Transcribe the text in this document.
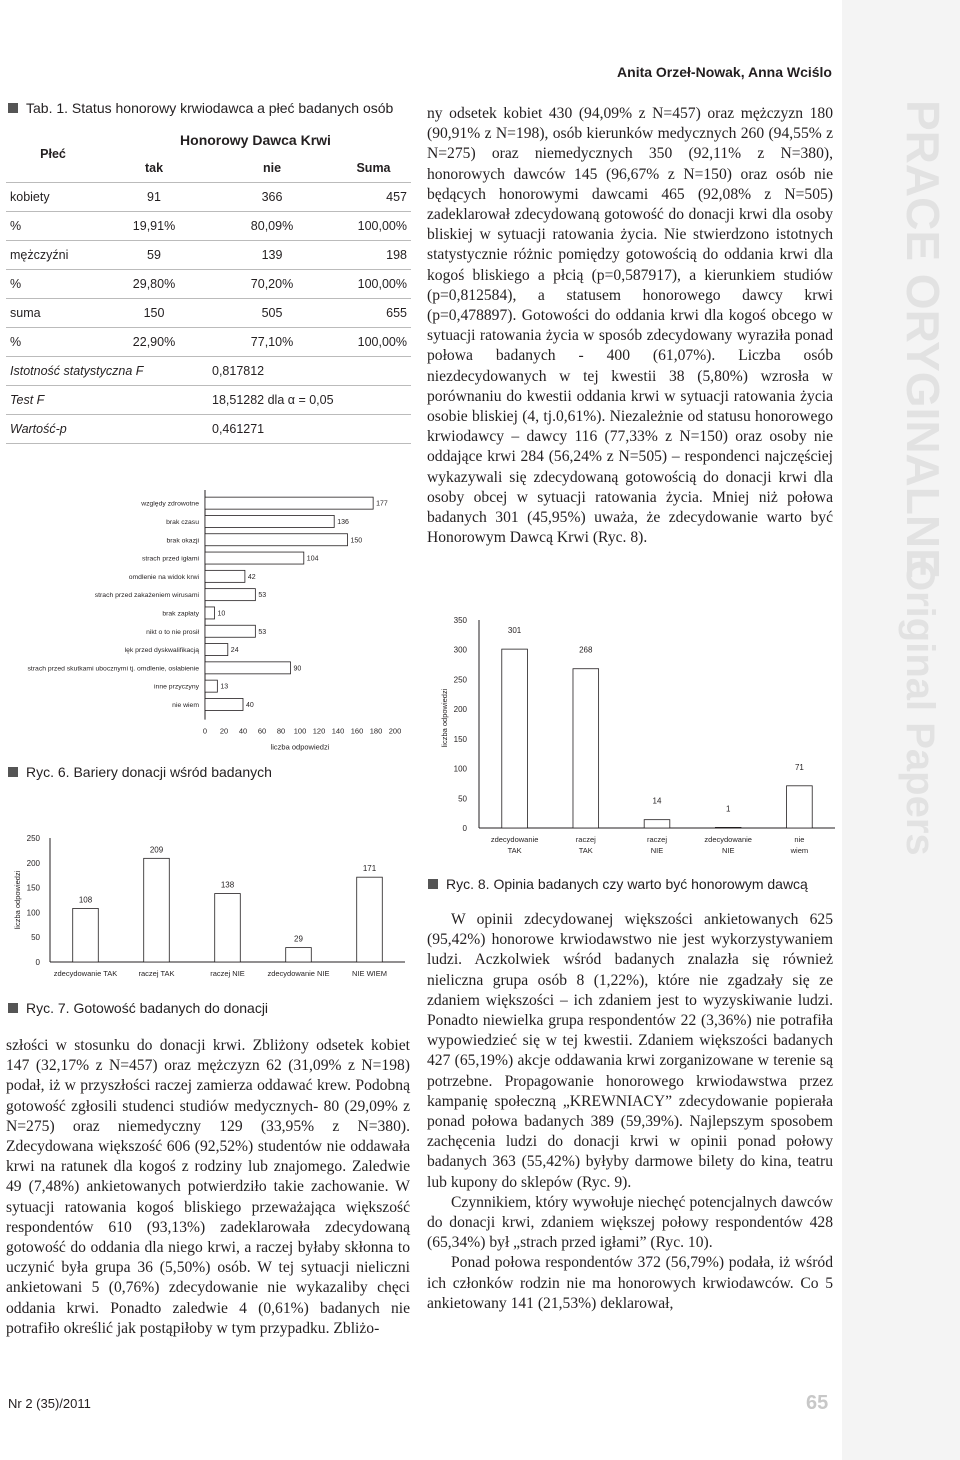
PRACE ORYGINALNE
Original Papers
Anita Orzeł-Nowak, Anna Wciślo
Tab. 1. Status honorowy krwiodawca a płeć badanych osób
Płeć	Honorowy Dawca Krwi		
	tak	nie	Suma
kobiety	91	366	457
%	19,91%	80,09%	100,00%
mężczyźni	59	139	198
%	29,80%	70,20%	100,00%
suma	150	505	655
%	22,90%	77,10%	100,00%
Istotność statystyczna F		0,817812	
Test F		18,51282 dla α = 0,05	
Wartość-p		0,461271	
względy zdrowotne	177
brak czasu	136
brak okazji	150
strach przed igłami	104
omdlenie na widok krwi	42
strach przed zakażeniem wirusami	53
brak zapłaty	10
nikt o to nie prosił	53
lęk przed dyskwalifikacją	24
strach przed skutkami ubocznymi tj. omdlenie, osłabienie	90
inne przyczyny	13
nie wiem	40
0 20 40 60 80 100 120 140 160 180 200
liczba odpowiedzi
Ryc. 6. Bariery donacji wśród badanych
0
50
100
150
200
250
liczba odpowiedzi	108
zdecydowanie TAK
209
raczej TAK
138
raczej NIE
29
zdecydowanie NIE
171
NIE WIEM
Ryc. 7. Gotowość badanych do donacji

szłości w stosunku do donacji krwi. Zbliżony odsetek kobiet 147 (32,17% z N=457) oraz mężczyzn 62 (31,09% z N=198) podał, iż w przyszłości raczej zamierza oddawać krew. Podobną gotowość zgłosili studenci studiów medycznych- 80 (29,09% z N=275) oraz niemedyczny 129 (33,95% z N=380). Zdecydowana większość 606 (92,52%) studentów nie oddawała krwi na ratunek dla kogoś z rodziny lub znajomego. Zaledwie 49 (7,48%) ankietowanych potwierdziło takie zachowanie. W sytuacji ratowania kogoś bliskiego przeważająca większość respondentów 610 (93,13%) zadeklarowała zdecydowaną gotowość do oddania dla niego krwi, a raczej byłaby skłonna to uczynić była grupa 36 (5,50%) osób. W tej sytuacji nieliczni ankietowani 5 (0,76%) zdecydowanie nie wykazaliby chęci oddania krwi. Ponadto zaledwie 4 (0,61%) badanych nie potrafiło określić jak postąpiłoby w tym przypadku. Zbliżo-

ny odsetek kobiet 430 (94,09% z N=457) oraz mężczyzn 180 (90,91% z N=198), osób kierunków medycznych 260 (94,55% z N=275) oraz niemedycznych 350 (92,11% z N=380), honorowych dawców 145 (96,67% z N=150) oraz osób nie będących honorowymi dawcami 465 (92,08% z N=505) zadeklarował zdecydowaną gotowość do donacji krwi dla osoby bliskiej w sytuacji ratowania życia. Nie stwierdzono istotnych statystycznie różnic pomiędzy gotowością do oddania krwi dla kogoś bliskiego a płcią (p=0,587917), a kierunkiem studiów (p=0,812584), a statusem honorowego dawcy krwi (p=0,478897). Gotowości do oddania krwi dla kogoś obcego w sytuacji ratowania życia w sposób zdecydowany wyraziła ponad połowa badanych - 400 (61,07%). Liczba osób niezdecydowanych w tej kwestii 38 (5,80%) wzrosła w porównaniu do kwestii oddania krwi w sytuacji ratowania życia osobie bliskiej (4, tj.0,61%). Niezależnie od statusu honorowego krwiodawcy – dawcy 116 (77,33% z N=150) oraz osoby nie oddające krwi 284 (56,24% z N=505) – respondenci najczęściej wykazywali się zdecydowaną gotowością do donacji krwi dla osoby obcej w sytuacji ratowania życia. Mniej niż połowa badanych 301 (45,95%) uważa, że zdecydowanie warto być Honorowym Dawcą Krwi (Ryc. 8).

0
50
100
150
200
250
300
350
liczba odpowiedzi
301
zdecydowanie TAK
268
raczej TAK
14
raczej NIE
1
zdecydowanie NIE
71
nie wiem
Ryc. 8. Opinia badanych czy warto być honorowym dawcą

W opinii zdecydowanej większości ankietowanych 625 (95,42%) honorowe krwiodawstwo nie jest wykorzystywaniem ludzi. Aczkolwiek wśród badanych znalazła się również nieliczna grupa osób 8 (1,22%), które nie zgadzały się ze zdaniem większości – ich zdaniem jest to wyzyskiwanie ludzi. Ponadto niewielka grupa respondentów 22 (3,36%) nie potrafiła wypowiedzieć się w tej kwestii. Zdaniem większości badanych 427 (65,19%) akcje oddawania krwi zorganizowane w terenie są potrzebne. Propagowanie honorowego krwiodawstwa przez kampanię społeczną „KREWNIACY” zdecydowanie popierała ponad połowa badanych 389 (59,39%). Najlepszym sposobem zachęcenia ludzi do donacji krwi w opinii ponad połowy badanych 363 (55,42%) byłyby darmowe bilety do kina, teatru lub kupony do sklepów (Ryc. 9).

Czynnikiem, który wywołuje niechęć potencjalnych dawców do donacji krwi, zdaniem większej połowy respondentów 428 (65,34%) był „strach przed igłami” (Ryc. 10).

Ponad połowa respondentów 372 (56,79%) podała, iż wśród ich członków rodzin nie ma honorowych krwiodawców. Co 5 ankietowany 141 (21,53%) deklarował,

Nr 2 (35)/2011	65
